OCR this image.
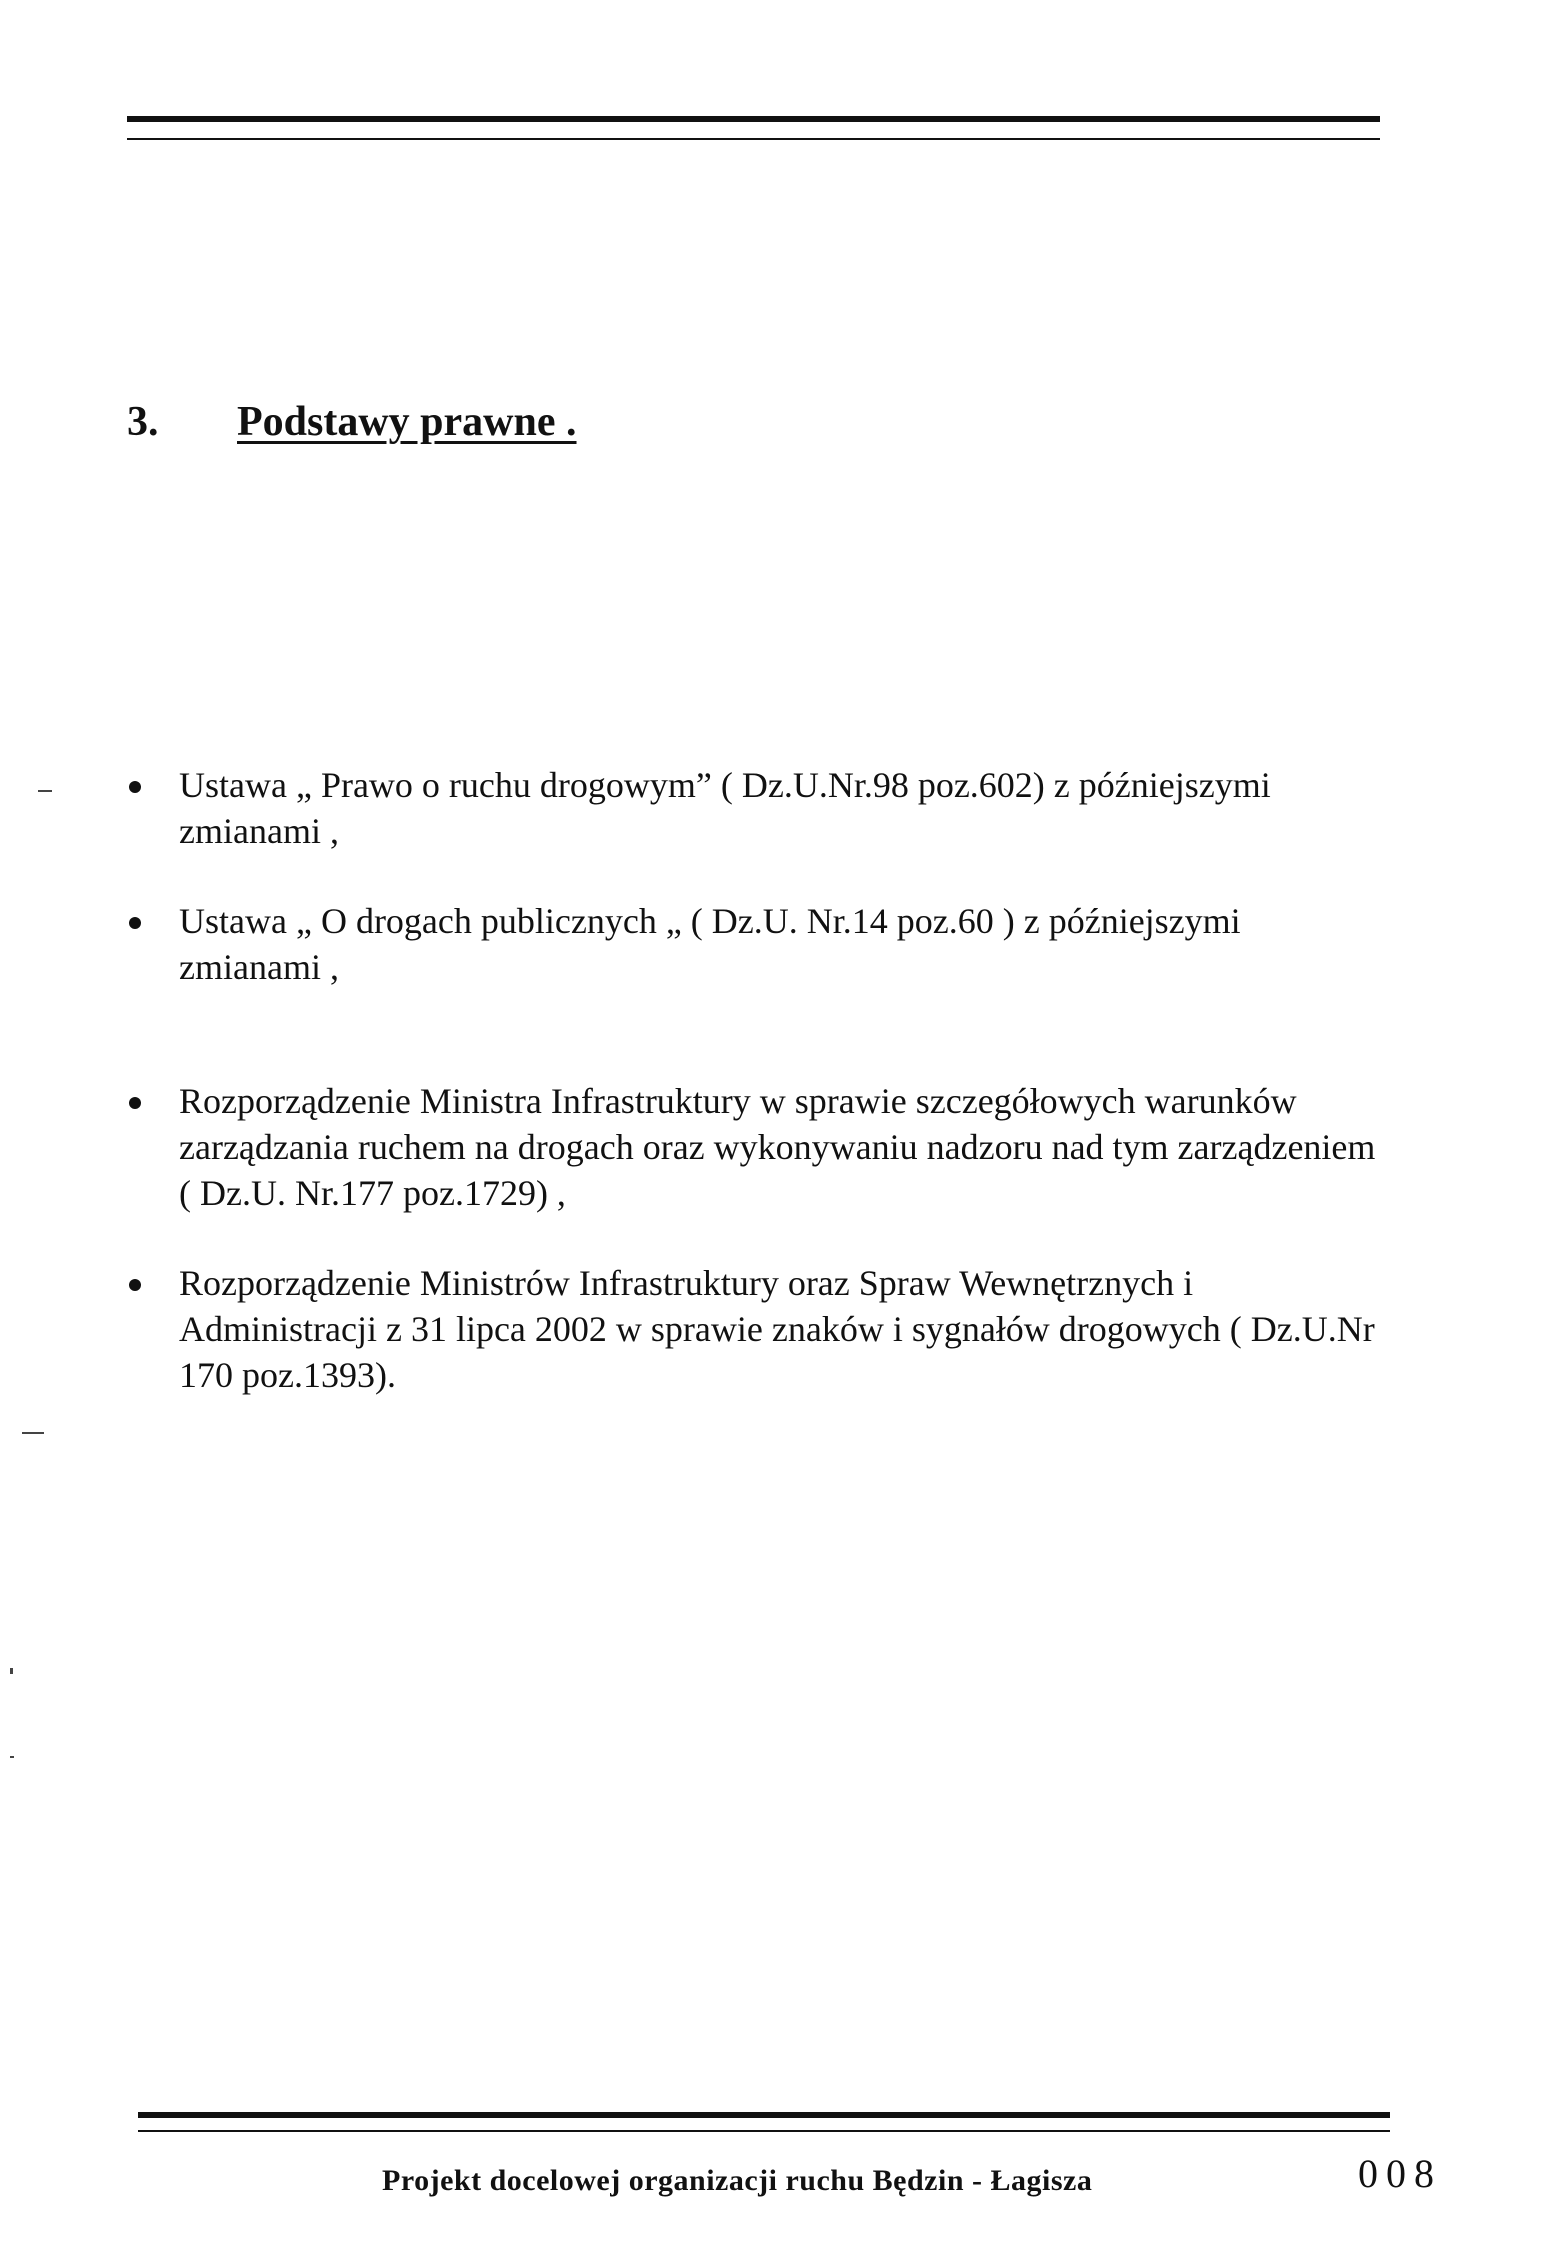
3.	Podstawy prawne .
Ustawa „ Prawo o ruchu drogowym” ( Dz.U.Nr.98 poz.602) z późniejszymi zmianami ,
Ustawa „ O drogach publicznych „ ( Dz.U. Nr.14 poz.60 ) z późniejszymi zmianami ,
Rozporządzenie Ministra Infrastruktury w sprawie szczegółowych warunków zarządzania ruchem na drogach oraz wykonywaniu nadzoru nad tym zarządzeniem ( Dz.U. Nr.177 poz.1729) ,
Rozporządzenie Ministrów Infrastruktury oraz Spraw Wewnętrznych i Administracji z 31 lipca 2002 w sprawie znaków i sygnałów drogowych ( Dz.U.Nr 170 poz.1393).
Projekt docelowej organizacji ruchu Będzin - Łagisza	008
